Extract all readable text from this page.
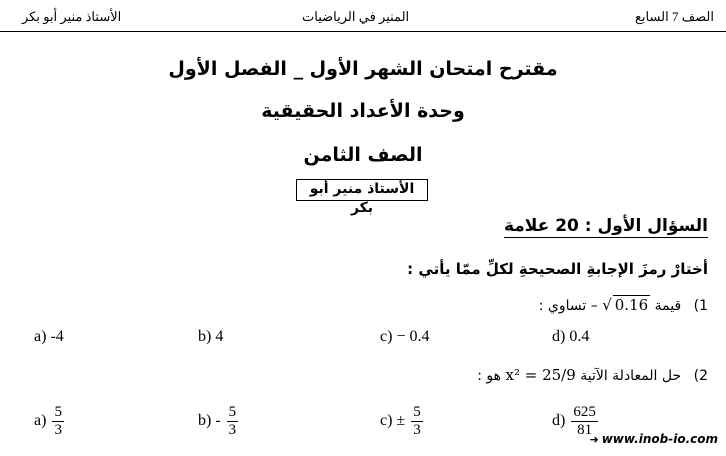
الصف 7 السابع
المنير في الرياضيات
الأستاذ منير أبو بكر
مقترح امتحان الشهر الأول _ الفصل الأول
وحدة الأعداد الحقيقية
الصف الثامن
الأستاذ منير أبو بكر
السؤال الأول : 20 علامة
أختارْ رمزَ الإجابةِ الصحيحةِ لكلِّ ممّا يأتي :
1) قيمة √ 0.16 – تساوي :
a) -4	b) 4	c) − 0.4	d) 0.4
2) حل المعادلة الآتية x² = 25/9 هو :
$a) \frac{5}{3}$	$b) - \frac{5}{3}$	$c) \pm \frac{5}{3}$	$d) \frac{625}{81}$
➜ www.inob-io.com
